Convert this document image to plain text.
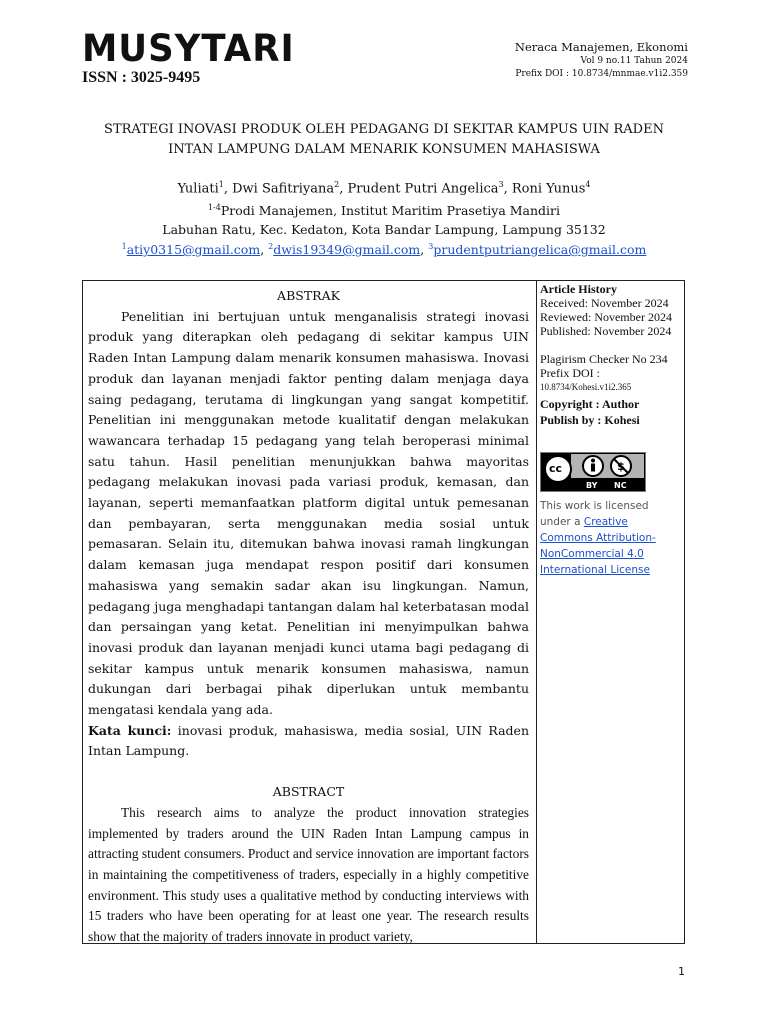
MUSYTARI
ISSN : 3025-9495
Neraca Manajemen, Ekonomi
Vol 9 no.11 Tahun 2024
Prefix DOI : 10.8734/mnmae.v1i2.359
STRATEGI INOVASI PRODUK OLEH PEDAGANG DI SEKITAR KAMPUS UIN RADEN
INTAN LAMPUNG DALAM MENARIK KONSUMEN MAHASISWA
Yuliati$^1$, Dwi Safitriyana$^2$, Prudent Putri Angelica$^3$, Roni Yunus$^4$
$^{1-4}$Prodi Manajemen, Institut Maritim Prasetiya Mandiri
Labuhan Ratu, Kec. Kedaton, Kota Bandar Lampung, Lampung 35132
$^1$atiy0315@gmail.com, $^2$dwis19349@gmail.com, $^3$prudentputriangelica@gmail.com
ABSTRAK

Penelitian ini bertujuan untuk menganalisis strategi inovasi produk yang diterapkan oleh pedagang di sekitar kampus UIN Raden Intan Lampung dalam menarik konsumen mahasiswa. Inovasi produk dan layanan menjadi faktor penting dalam menjaga daya saing pedagang, terutama di lingkungan yang sangat kompetitif. Penelitian ini menggunakan metode kualitatif dengan melakukan wawancara terhadap 15 pedagang yang telah beroperasi minimal satu tahun. Hasil penelitian menunjukkan bahwa mayoritas pedagang melakukan inovasi pada variasi produk, kemasan, dan layanan, seperti memanfaatkan platform digital untuk pemesanan dan pembayaran, serta menggunakan media sosial untuk pemasaran. Selain itu, ditemukan bahwa inovasi ramah lingkungan dalam kemasan juga mendapat respon positif dari konsumen mahasiswa yang semakin sadar akan isu lingkungan. Namun, pedagang juga menghadapi tantangan dalam hal keterbatasan modal dan persaingan yang ketat. Penelitian ini menyimpulkan bahwa inovasi produk dan layanan menjadi kunci utama bagi pedagang di sekitar kampus untuk menarik konsumen mahasiswa, namun dukungan dari berbagai pihak diperlukan untuk membantu mengatasi kendala yang ada.

Kata kunci: inovasi produk, mahasiswa, media sosial, UIN Raden Intan Lampung.

ABSTRACT

This research aims to analyze the product innovation strategies implemented by traders around the UIN Raden Intan Lampung campus in attracting student consumers. Product and service innovation are important factors in maintaining the competitiveness of traders, especially in a highly competitive environment. This study uses a qualitative method by conducting interviews with 15 traders who have been operating for at least one year. The research results show that the majority of traders innovate in product variety,

Article History
Received: November 2024
Reviewed: November 2024
Published: November 2024
Plagirism Checker No 234
Prefix DOI :
10.8734/Kohesi.v1i2.365
Copyright : Author
Publish by : Kohesi
$
cc
BY NC
This work is licensed under a Creative Commons Attribution-NonCommercial 4.0 International License
1
